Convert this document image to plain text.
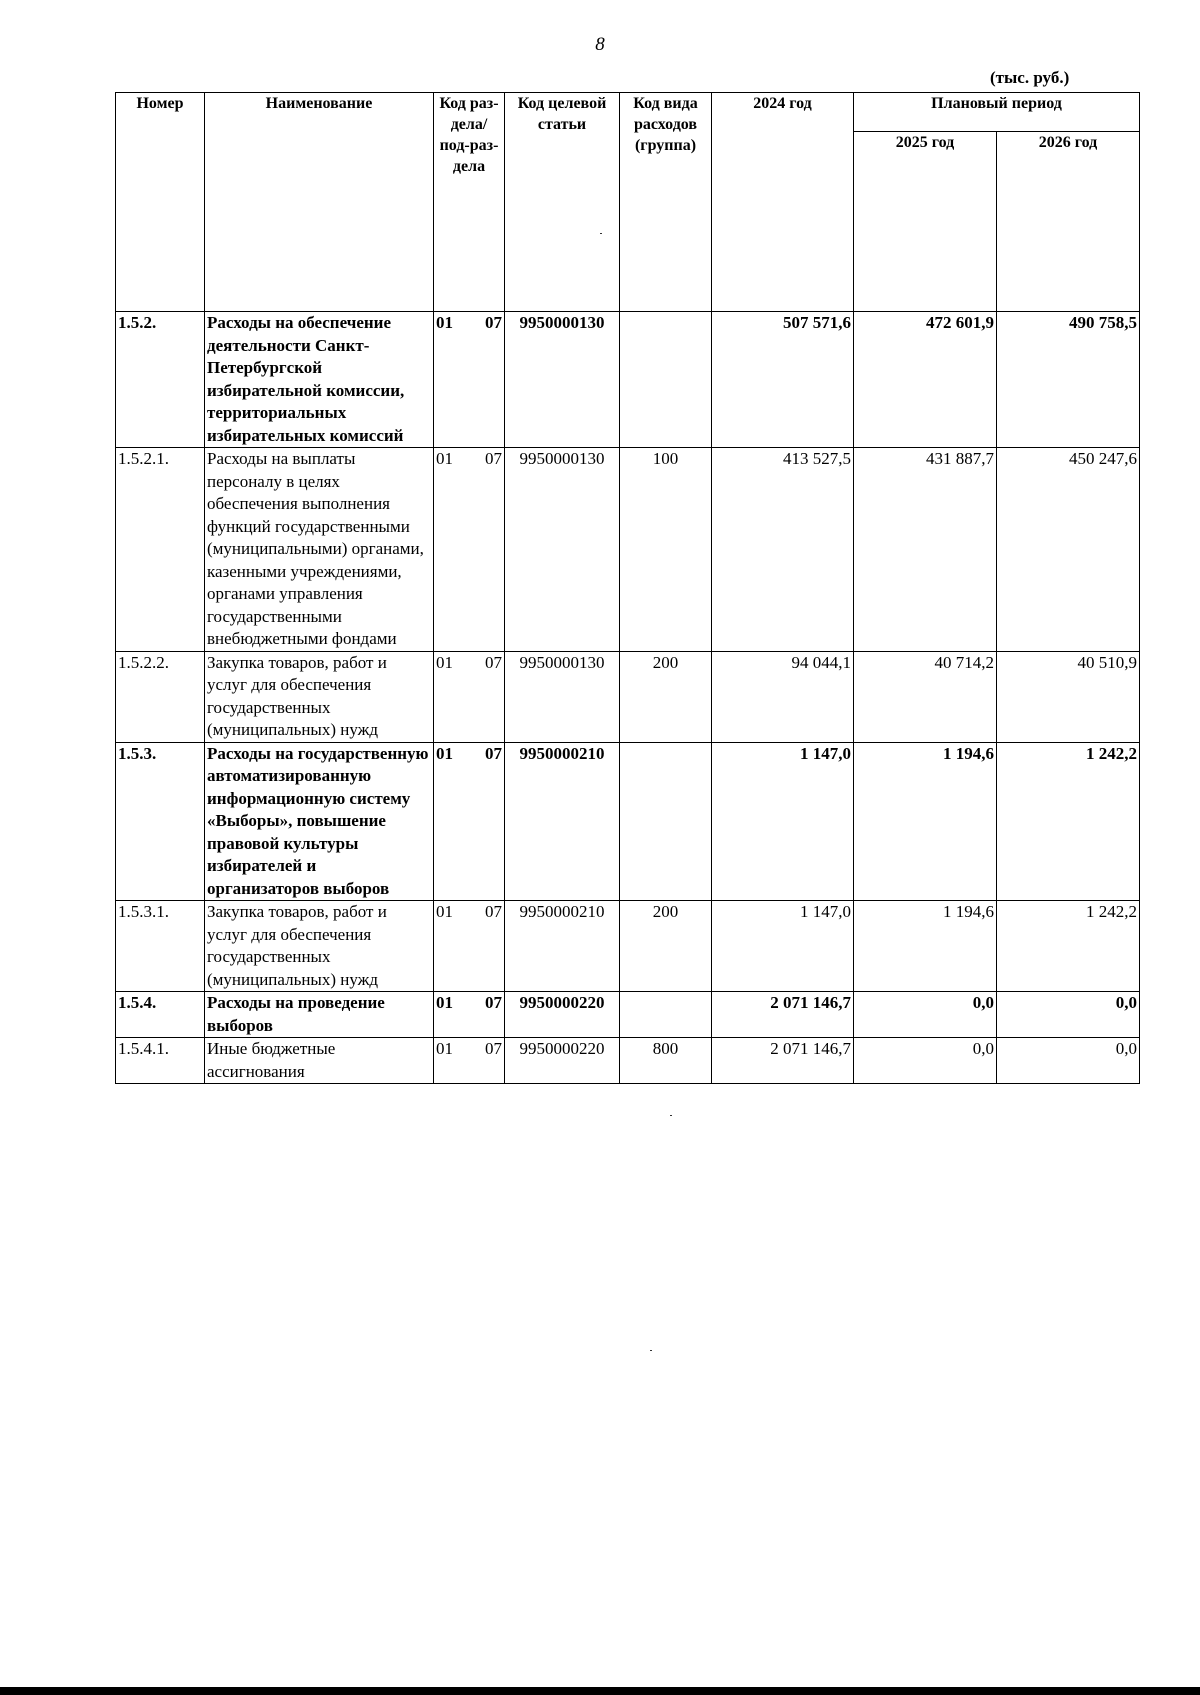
8
(тыс. руб.)
Номер	Наименование	Код раз-дела/ под-раз-дела	Код целевой статьи	Код вида расходов (группа)	2024 год	Плановый период	
						2025 год	2026 год
1.5.2.	Расходы на обеспечение деятельности Санкт-Петербургской избирательной комиссии, территориальных избирательных комиссий	01 07	9950000130		507 571,6	472 601,9	490 758,5
1.5.2.1.	Расходы на выплаты персоналу в целях обеспечения выполнения функций государственными (муниципальными) органами, казенными учреждениями, органами управления государственными внебюджетными фондами	01 07	9950000130	100	413 527,5	431 887,7	450 247,6
1.5.2.2.	Закупка товаров, работ и услуг для обеспечения государственных (муниципальных) нужд	01 07	9950000130	200	94 044,1	40 714,2	40 510,9
1.5.3.	Расходы на государственную автоматизированную информационную систему «Выборы», повышение правовой культуры избирателей и организаторов выборов	01 07	9950000210		1 147,0	1 194,6	1 242,2
1.5.3.1.	Закупка товаров, работ и услуг для обеспечения государственных (муниципальных) нужд	01 07	9950000210	200	1 147,0	1 194,6	1 242,2
1.5.4.	Расходы на проведение выборов	01 07	9950000220		2 071 146,7	0,0	0,0
1.5.4.1.	Иные бюджетные ассигнования	01 07	9950000220	800	2 071 146,7	0,0	0,0
